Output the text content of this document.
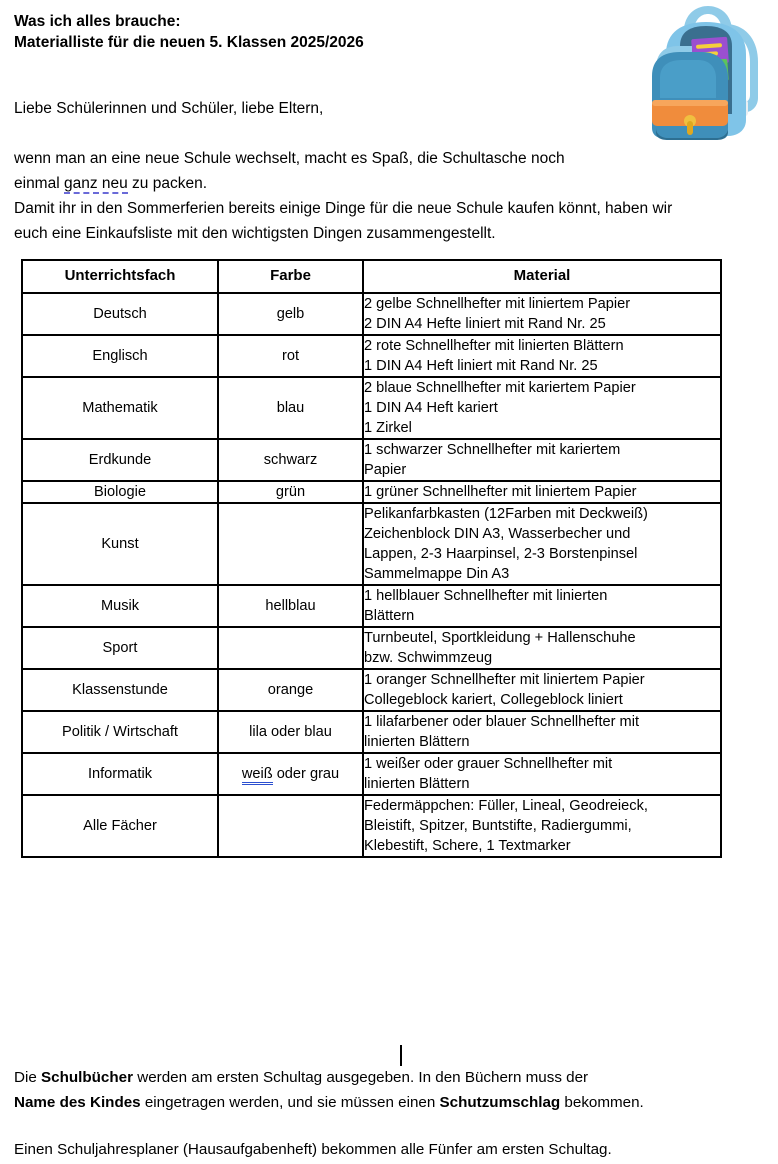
Was ich alles brauche:
Materialliste für die neuen 5. Klassen 2025/2026

Liebe Schülerinnen und Schüler, liebe Eltern,

wenn man an eine neue Schule wechselt, macht es Spaß, die Schultasche noch

einmal ganz neu zu packen.

Damit ihr in den Sommerferien bereits einige Dinge für die neue Schule kaufen könnt, haben wir

euch eine Einkaufsliste mit den wichtigsten Dingen zusammengestellt.

Unterrichtsfach	Farbe	Material
Deutsch	gelb	2 gelbe Schnellhefter mit liniertem Papier
2 DIN A4 Hefte liniert mit Rand Nr. 25

Englisch	rot	2 rote Schnellhefter mit linierten Blättern
1 DIN A4 Heft liniert mit Rand Nr. 25

Mathematik	blau	2 blaue Schnellhefter mit kariertem Papier
1 DIN A4 Heft kariert
1 Zirkel

Erdkunde	schwarz	1 schwarzer Schnellhefter mit kariertem
Papier

Biologie	grün	1 grüner Schnellhefter mit liniertem Papier

Kunst		Pelikanfarbkasten (12Farben mit Deckweiß)
Zeichenblock DIN A3, Wasserbecher und
Lappen, 2-3 Haarpinsel, 2-3 Borstenpinsel
Sammelmappe Din A3

Musik	hellblau	1 hellblauer Schnellhefter mit linierten
Blättern

Sport		Turnbeutel, Sportkleidung + Hallenschuhe
bzw. Schwimmzeug

Klassenstunde	orange	1 oranger Schnellhefter mit liniertem Papier
Collegeblock kariert, Collegeblock liniert

Politik / Wirtschaft	lila oder blau	1 lilafarbener oder blauer Schnellhefter mit
linierten Blättern

Informatik	weiß oder grau	1 weißer oder grauer Schnellhefter mit
linierten Blättern

Alle Fächer		Federmäppchen: Füller, Lineal, Geodreieck,
Bleistift, Spitzer, Buntstifte, Radiergummi,
Klebestift, Schere, 1 Textmarker

Die Schulbücher werden am ersten Schultag ausgegeben. In den Büchern muss der

Name des Kindes eingetragen werden, und sie müssen einen Schutzumschlag bekommen.

Einen Schuljahresplaner (Hausaufgabenheft) bekommen alle Fünfer am ersten Schultag.
